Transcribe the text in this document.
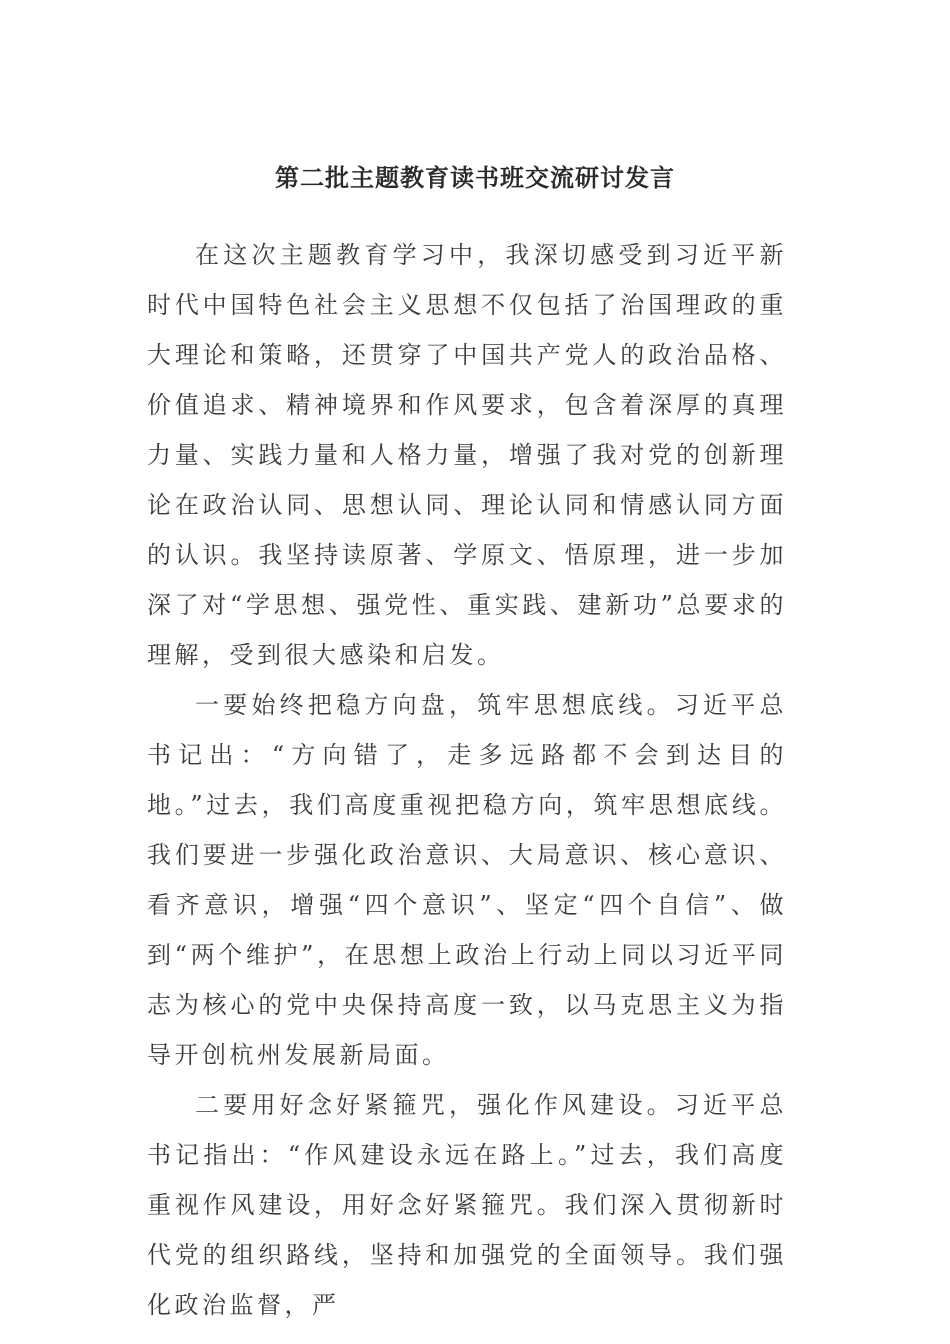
第二批主题教育读书班交流研讨发言

在这次主题教育学习中，我深切感受到习近平新时代中国特色社会主义思想不仅包括了治国理政的重大理论和策略，还贯穿了中国共产党人的政治品格、价值追求、精神境界和作风要求，包含着深厚的真理力量、实践力量和人格力量，增强了我对党的创新理论在政治认同、思想认同、理论认同和情感认同方面的认识。我坚持读原著、学原文、悟原理，进一步加深了对“学思想、强党性、重实践、建新功”总要求的理解，受到很大感染和启发。

一要始终把稳方向盘，筑牢思想底线。习近平总书记出：“方向错了，走多远路都不会到达目的地。”过去，我们高度重视把稳方向，筑牢思想底线。我们要进一步强化政治意识、大局意识、核心意识、看齐意识，增强“四个意识”、坚定“四个自信”、做到“两个维护”，在思想上政治上行动上同以习近平同志为核心的党中央保持高度一致，以马克思主义为指导开创杭州发展新局面。

二要用好念好紧箍咒，强化作风建设。习近平总书记指出：“作风建设永远在路上。”过去，我们高度重视作风建设，用好念好紧箍咒。我们深入贯彻新时代党的组织路线，坚持和加强党的全面领导。我们强化政治监督，严
